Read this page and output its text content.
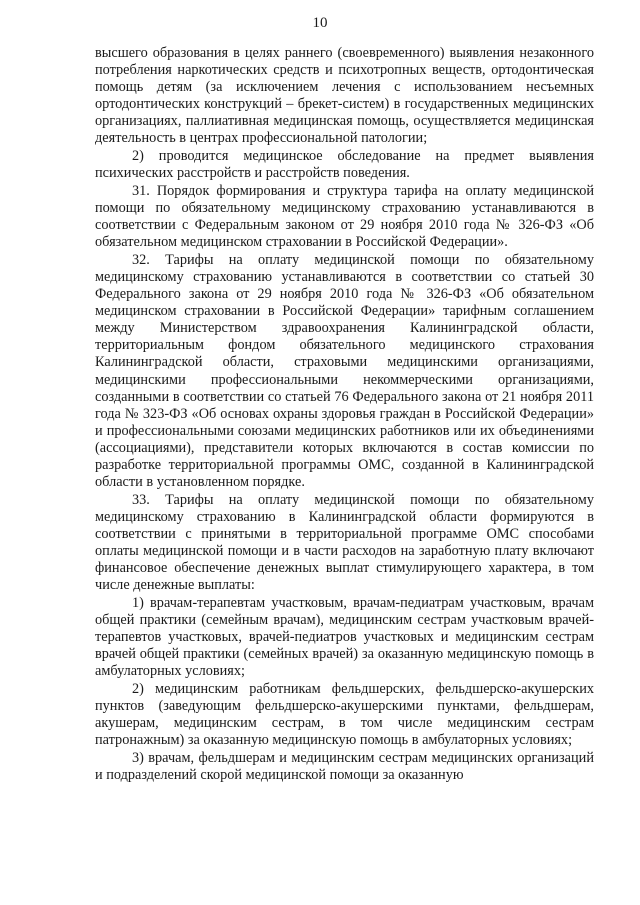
10

высшего образования в целях раннего (своевременного) выявления незаконного потребления наркотических средств и психотропных веществ, ортодонтическая помощь детям (за исключением лечения с использованием несъемных ортодонтических конструкций – брекет-систем) в государственных медицинских организациях, паллиативная медицинская помощь, осуществляется медицинская деятельность в центрах профессиональной патологии;

2) проводится медицинское обследование на предмет выявления психических расстройств и расстройств поведения.

31. Порядок формирования и структура тарифа на оплату медицинской помощи по обязательному медицинскому страхованию устанавливаются в соответствии с Федеральным законом от 29 ноября 2010 года № 326-ФЗ «Об обязательном медицинском страховании в Российской Федерации».

32. Тарифы на оплату медицинской помощи по обязательному медицинскому страхованию устанавливаются в соответствии со статьей 30 Федерального закона от 29 ноября 2010 года № 326-ФЗ «Об обязательном медицинском страховании в Российской Федерации» тарифным соглашением между Министерством здравоохранения Калининградской области, территориальным фондом обязательного медицинского страхования Калининградской области, страховыми медицинскими организациями, медицинскими профессиональными некоммерческими организациями, созданными в соответствии со статьей 76 Федерального закона от 21 ноября 2011 года № 323-ФЗ «Об основах охраны здоровья граждан в Российской Федерации» и профессиональными союзами медицинских работников или их объединениями (ассоциациями), представители которых включаются в состав комиссии по разработке территориальной программы ОМС, созданной в Калининградской области в установленном порядке.

33. Тарифы на оплату медицинской помощи по обязательному медицинскому страхованию в Калининградской области формируются в соответствии с принятыми в территориальной программе ОМС способами оплаты медицинской помощи и в части расходов на заработную плату включают финансовое обеспечение денежных выплат стимулирующего характера, в том числе денежные выплаты:

1) врачам-терапевтам участковым, врачам-педиатрам участковым, врачам общей практики (семейным врачам), медицинским сестрам участковым врачей-терапевтов участковых, врачей-педиатров участковых и медицинским сестрам врачей общей практики (семейных врачей) за оказанную медицинскую помощь в амбулаторных условиях;

2) медицинским работникам фельдшерских, фельдшерско-акушерских пунктов (заведующим фельдшерско-акушерскими пунктами, фельдшерам, акушерам, медицинским сестрам, в том числе медицинским сестрам патронажным) за оказанную медицинскую помощь в амбулаторных условиях;

3) врачам, фельдшерам и медицинским сестрам медицинских организаций и подразделений скорой медицинской помощи за оказанную
